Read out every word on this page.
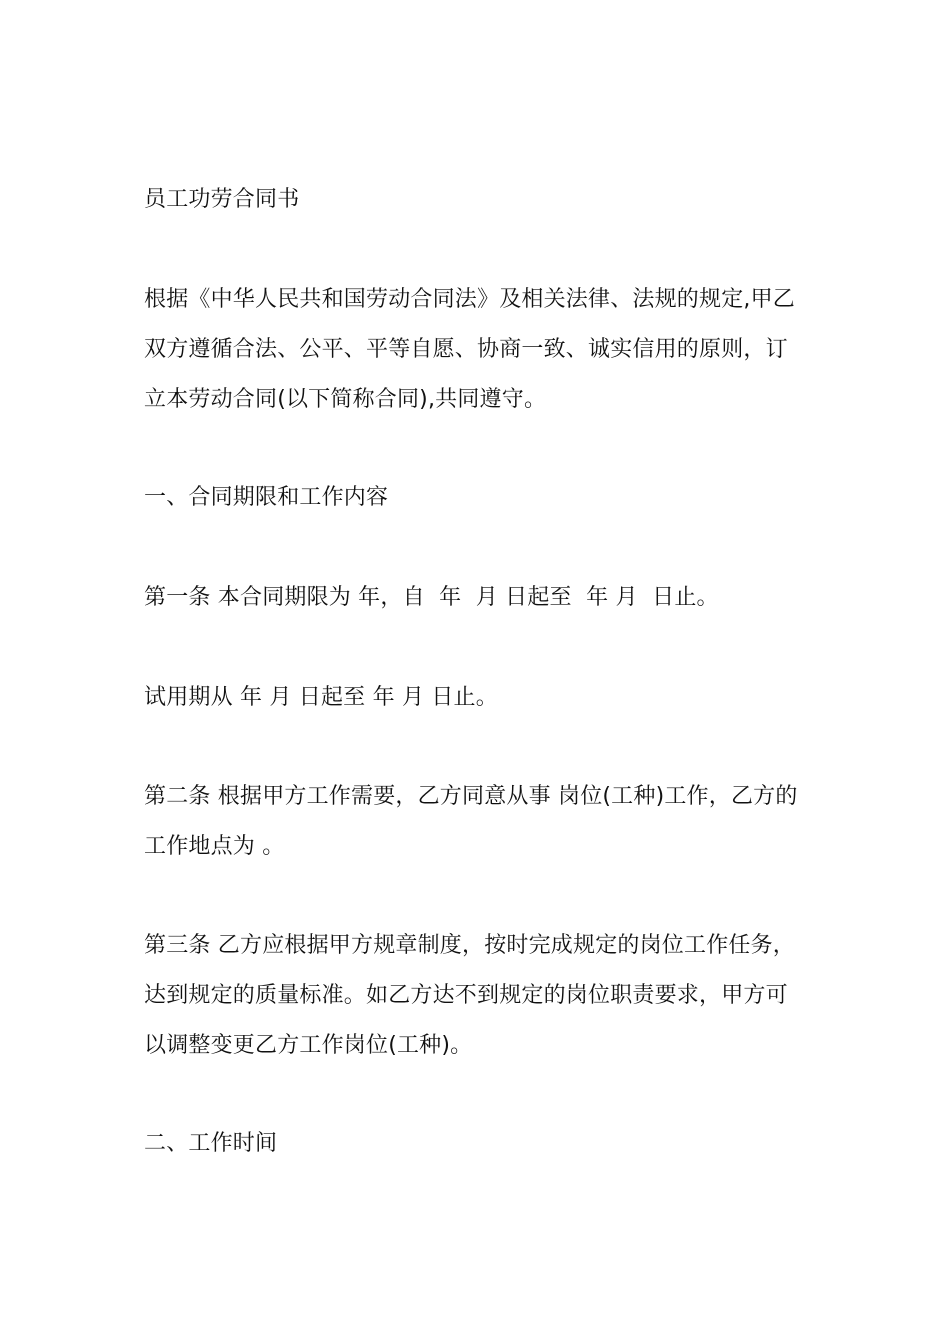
员工功劳合同书
根据《中华人民共和国劳动合同法》及相关法律、法规的规定,甲乙
双方遵循合法、公平、平等自愿、协商一致、诚实信用的原则，订
立本劳动合同(以下简称合同),共同遵守。
一、合同期限和工作内容
第一条 本合同期限为 年，自  年  月 日起至  年 月  日止。
试用期从 年 月 日起至 年 月 日止。
第二条 根据甲方工作需要，乙方同意从事 岗位(工种)工作，乙方的
工作地点为 。
第三条 乙方应根据甲方规章制度，按时完成规定的岗位工作任务，
达到规定的质量标准。如乙方达不到规定的岗位职责要求，甲方可
以调整变更乙方工作岗位(工种)。
二、工作时间
